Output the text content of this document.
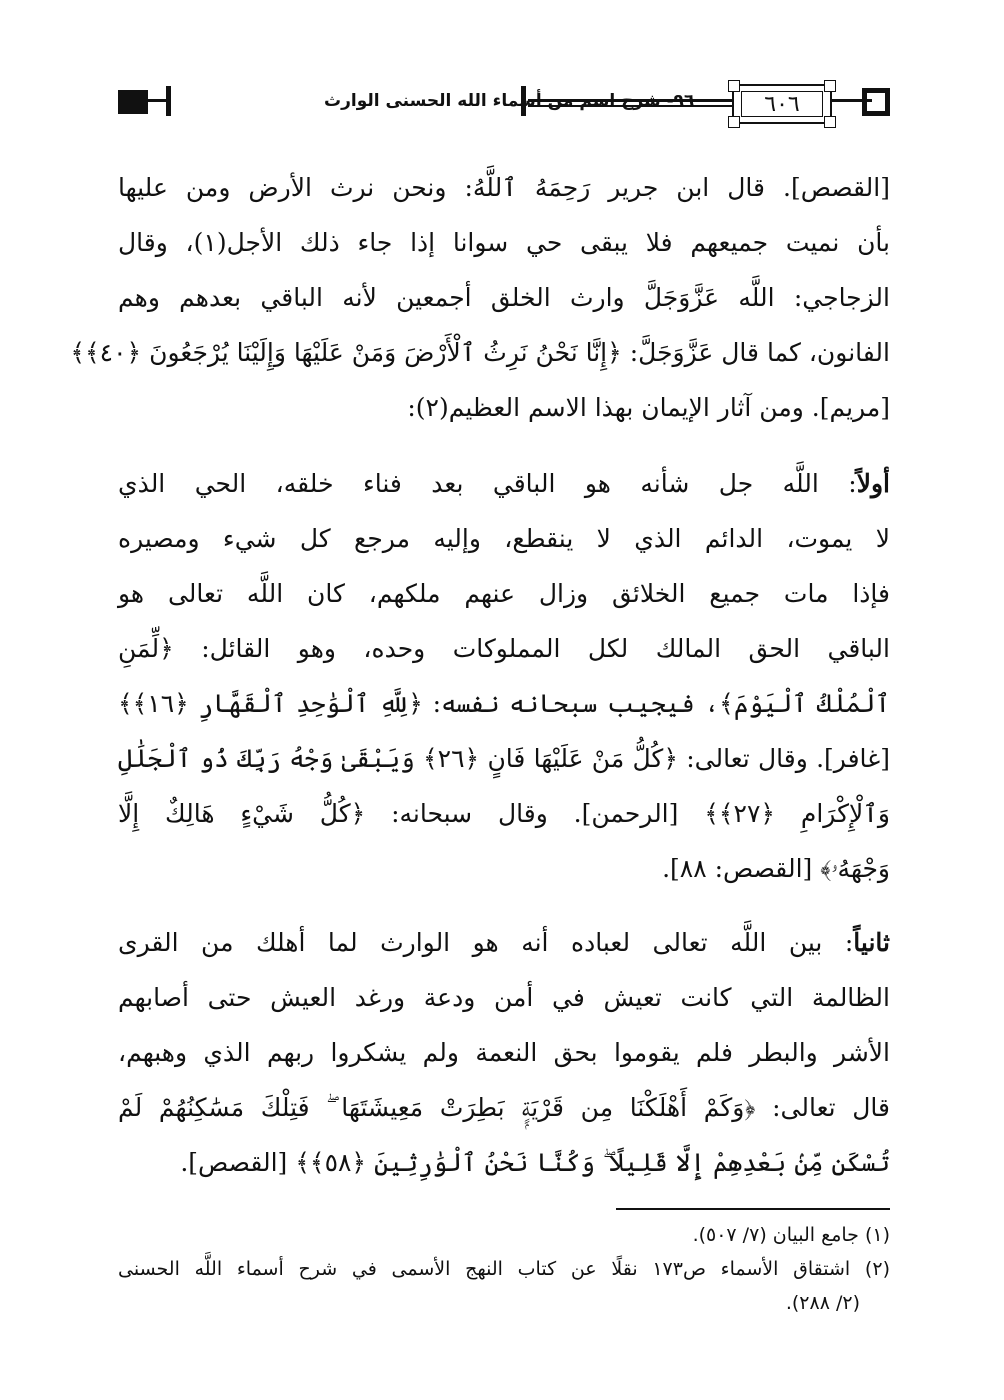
٦٠٦
٩٦- شرح اسم من أسماء الله الحسنى الوارث
[القصص]. قال ابن جرير رَحِمَهُ ٱللَّهُ: ونحن نرث الأرض ومن عليها
بأن نميت جميعهم فلا يبقى حي سوانا إذا جاء ذلك الأجل(١)، وقال
الزجاجي: اللَّه عَزَّوَجَلَّ وارث الخلق أجمعين لأنه الباقي بعدهم وهم
الفانون، كما قال عَزَّوَجَلَّ: ﴿إِنَّا نَحْنُ نَرِثُ ٱلْأَرْضَ وَمَنْ عَلَيْهَا وَإِلَيْنَا يُرْجَعُونَ ﴿٤٠﴾﴾
[مريم]. ومن آثار الإيمان بهذا الاسم العظيم(٢):
أولاً: اللَّه جل شأنه هو الباقي بعد فناء خلقه، الحي الذي
لا يموت، الدائم الذي لا ينقطع، وإليه مرجع كل شيء ومصيره
فإذا مات جميع الخلائق وزال عنهم ملكهم، كان اللَّه تعالى هو
الباقي الحق المالك لكل المملوكات وحده، وهو القائل: ﴿لِّمَنِ
ٱلْمُلْكُ ٱلْيَوْمَ﴾، فيجيب سبحانه نفسه: ﴿لِلَّهِ ٱلْوَٰحِدِ ٱلْقَهَّارِ ﴿١٦﴾﴾
[غافر]. وقال تعالى: ﴿كُلُّ مَنْ عَلَيْهَا فَانٍ ﴿٢٦﴾ وَيَبْقَىٰ وَجْهُ رَبِّكَ ذُو ٱلْجَلَٰلِ
وَٱلْإِكْرَامِ ﴿٢٧﴾﴾ [الرحمن]. وقال سبحانه: ﴿كُلُّ شَيْءٍ هَالِكٌ إِلَّا
وَجْهَهُۥ﴾ [القصص: ٨٨].
ثانياً: بين اللَّه تعالى لعباده أنه هو الوارث لما أهلك من القرى
الظالمة التي كانت تعيش في أمن ودعة ورغد العيش حتى أصابهم
الأشر والبطر فلم يقوموا بحق النعمة ولم يشكروا ربهم الذي وهبهم،
قال تعالى: ﴿وَكَمْ أَهْلَكْنَا مِن قَرْيَةٍۭ بَطِرَتْ مَعِيشَتَهَا ۖ فَتِلْكَ مَسَٰكِنُهُمْ لَمْ
تُسْكَن مِّنۢ بَعْدِهِمْ إِلَّا قَلِيلًا ۖ وَكُنَّا نَحْنُ ٱلْوَٰرِثِينَ ﴿٥٨﴾﴾ [القصص].
(١) جامع البيان (٧/ ٥٠٧).
(٢) اشتقاق الأسماء ص١٧٣ نقلًا عن كتاب النهج الأسمى في شرح أسماء اللَّه الحسنى
(٢/ ٢٨٨).
